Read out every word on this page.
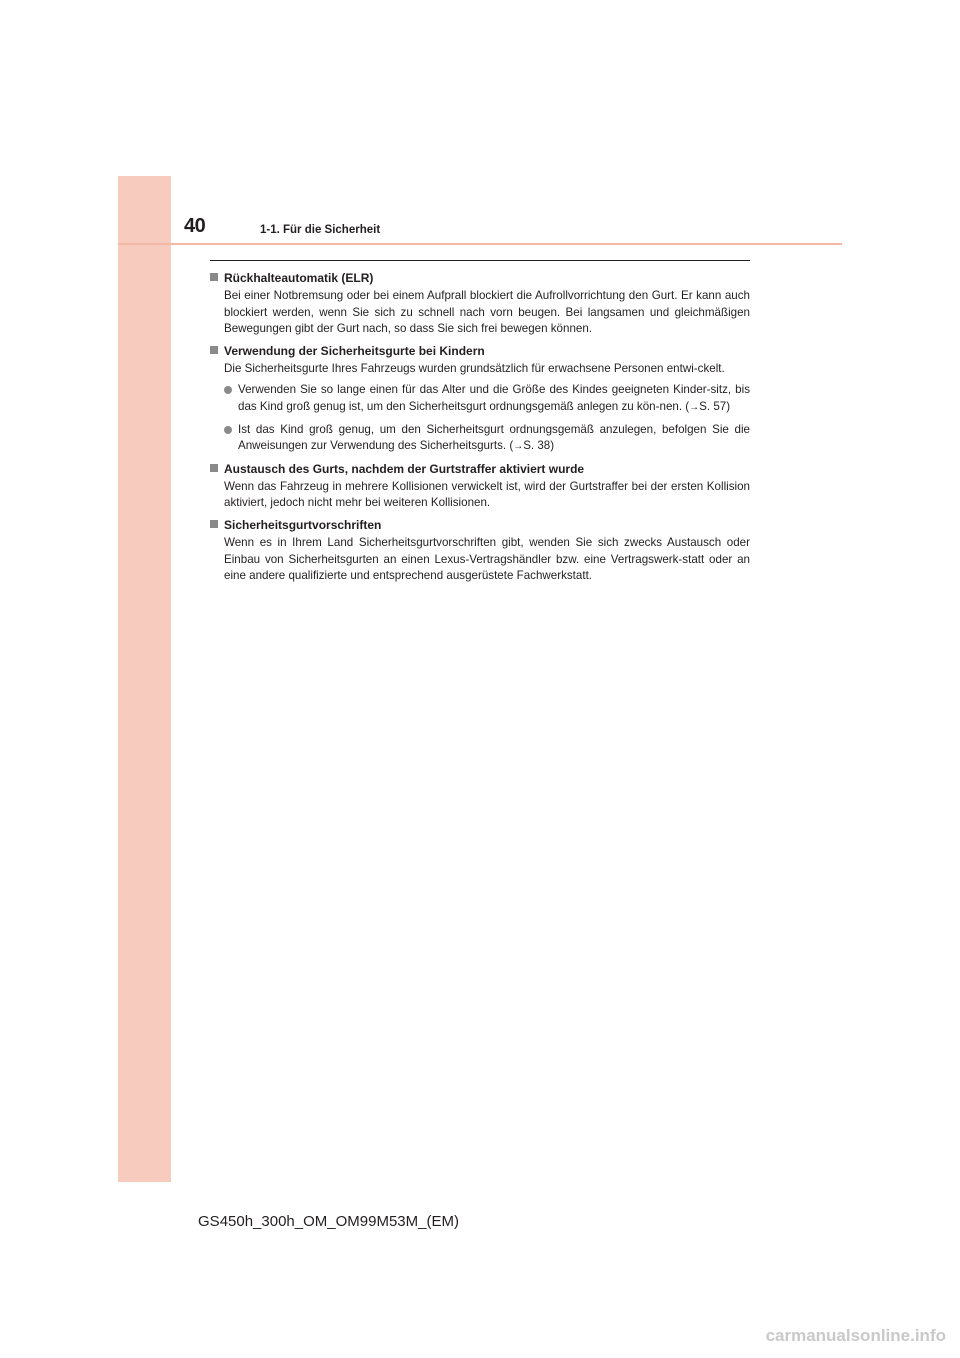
40	1-1. Für die Sicherheit
Rückhalteautomatik (ELR)
Bei einer Notbremsung oder bei einem Aufprall blockiert die Aufrollvorrichtung den Gurt. Er kann auch blockiert werden, wenn Sie sich zu schnell nach vorn beugen. Bei langsamen und gleichmäßigen Bewegungen gibt der Gurt nach, so dass Sie sich frei bewegen können.
Verwendung der Sicherheitsgurte bei Kindern
Die Sicherheitsgurte Ihres Fahrzeugs wurden grundsätzlich für erwachsene Personen entwi-ckelt.
Verwenden Sie so lange einen für das Alter und die Größe des Kindes geeigneten Kinder-sitz, bis das Kind groß genug ist, um den Sicherheitsgurt ordnungsgemäß anlegen zu kön-nen. (→S. 57)
Ist das Kind groß genug, um den Sicherheitsgurt ordnungsgemäß anzulegen, befolgen Sie die Anweisungen zur Verwendung des Sicherheitsgurts. (→S. 38)
Austausch des Gurts, nachdem der Gurtstraffer aktiviert wurde
Wenn das Fahrzeug in mehrere Kollisionen verwickelt ist, wird der Gurtstraffer bei der ersten Kollision aktiviert, jedoch nicht mehr bei weiteren Kollisionen.
Sicherheitsgurtvorschriften
Wenn es in Ihrem Land Sicherheitsgurtvorschriften gibt, wenden Sie sich zwecks Austausch oder Einbau von Sicherheitsgurten an einen Lexus-Vertragshändler bzw. eine Vertragswerk-statt oder an eine andere qualifizierte und entsprechend ausgerüstete Fachwerkstatt.
GS450h_300h_OM_OM99M53M_(EM)
carmanualsonline.info
